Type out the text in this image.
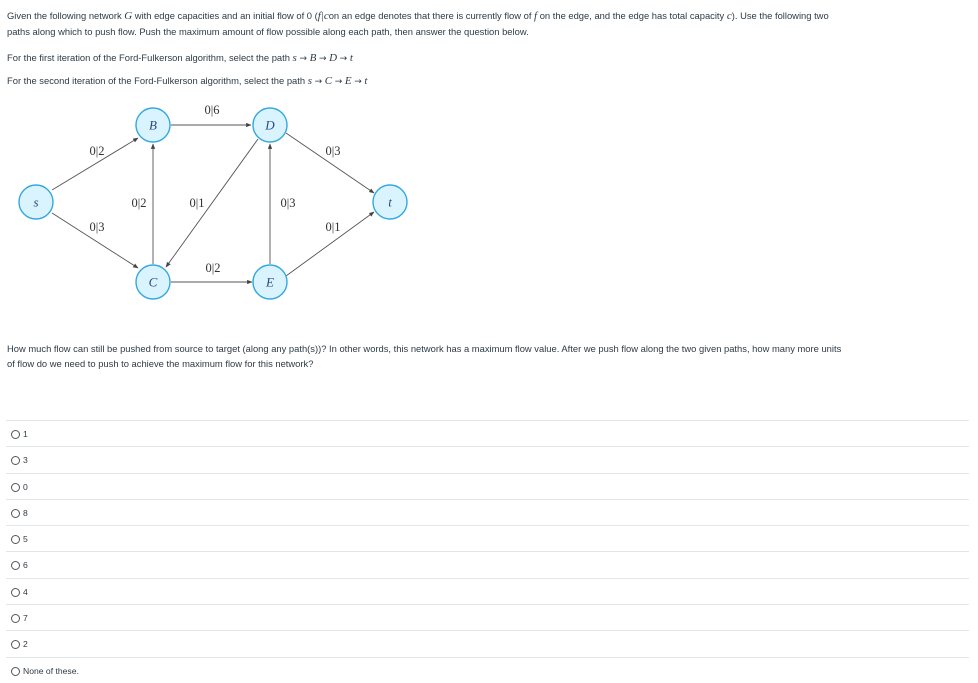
Given the following network G with edge capacities and an initial flow of 0 (f|con an edge denotes that there is currently flow of f on the edge, and the edge has total capacity c). Use the following two
paths along which to push flow. Push the maximum amount of flow possible along each path, then answer the question below.
For the first iteration of the Ford-Fulkerson algorithm, select the path s → B → D → t
For the second iteration of the Ford-Fulkerson algorithm, select the path s → C → E → t
0|2
0|3
0|6
0|2	0|1
0|2
0|3
0|3
0|1
s
B	D
C	E
t
How much flow can still be pushed from source to target (along any path(s))? In other words, this network has a maximum flow value. After we push flow along the two given paths, how many more units
of flow do we need to push to achieve the maximum flow for this network?
1
3
0
8
5
6
4
7
2
None of these.
